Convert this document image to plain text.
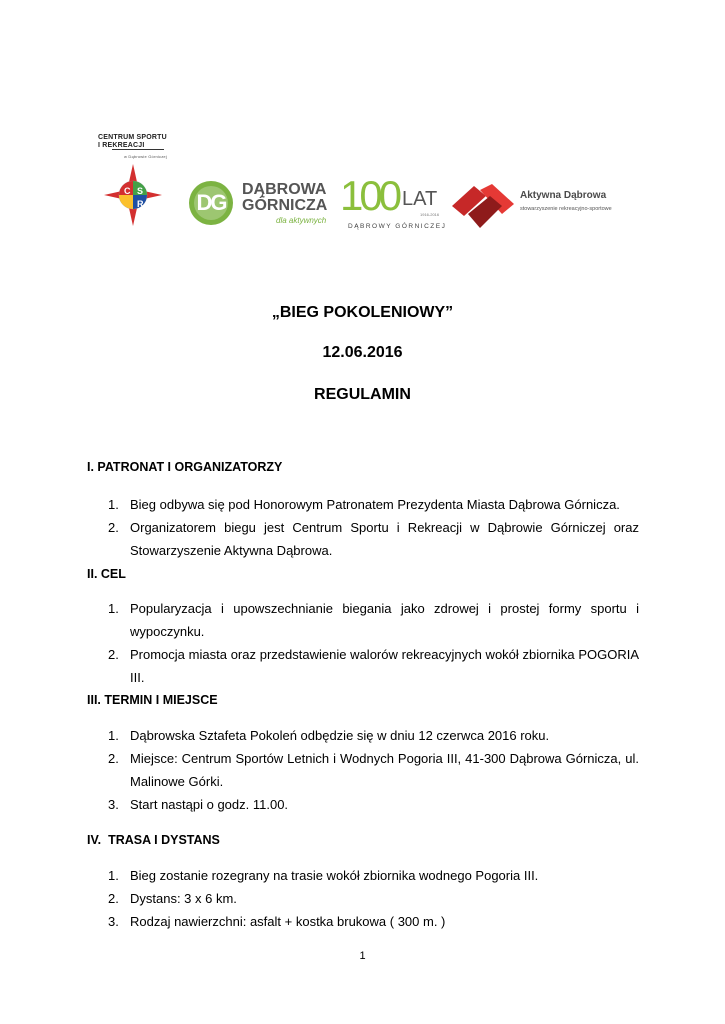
CENTRUM SPORTU
I REKREACJI
w Dąbrowie Górniczej
C S
R DG
DĄBROWA
GÓRNICZA
dla aktywnych
100 LAT
1916-2016
DĄBROWY GÓRNICZEJ
Aktywna Dąbrowa
stowarzyszenie rekreacyjno-sportowe
„BIEG POKOLENIOWY”
12.06.2016
REGULAMIN
I. PATRONAT I ORGANIZATORZY
1. Bieg odbywa się pod Honorowym Patronatem Prezydenta Miasta Dąbrowa Górnicza.
2. Organizatorem biegu jest Centrum Sportu i Rekreacji w Dąbrowie Górniczej oraz Stowarzyszenie Aktywna Dąbrowa.
II. CEL
1. Popularyzacja i upowszechnianie biegania jako zdrowej i prostej formy sportu i wypoczynku.
2. Promocja miasta oraz przedstawienie walorów rekreacyjnych wokół zbiornika POGORIA III.
III. TERMIN I MIEJSCE
1. Dąbrowska Sztafeta Pokoleń odbędzie się w dniu 12 czerwca 2016 roku.
2. Miejsce: Centrum Sportów Letnich i Wodnych Pogoria III, 41-300 Dąbrowa Górnicza, ul. Malinowe Górki.
3. Start nastąpi o godz. 11.00.
IV.  TRASA I DYSTANS
1. Bieg zostanie rozegrany na trasie wokół zbiornika wodnego Pogoria III.
2. Dystans: 3 x 6 km.
3. Rodzaj nawierzchni: asfalt + kostka brukowa ( 300 m. )
1
